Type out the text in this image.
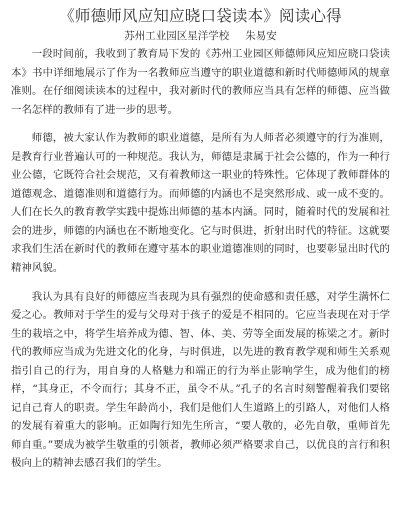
《师德师风应知应晓口袋读本》阅读心得
苏州工业园区星洋学校 朱易安

一段时间前，我收到了教育局下发的《苏州工业园区师德师风应知应晓口袋读本》书中详细地展示了作为一名教师应当遵守的职业道德和新时代师德师风的规章准则。在仔细阅读读本的过程中，我对新时代的教师应当具有怎样的师德、应当做一名怎样的教师有了进一步的思考。

师德，被大家认作为教师的职业道德，是所有为人师者必须遵守的行为准则，是教育行业普遍认可的一种规范。我认为，师德是隶属于社会公德的，作为一种行业公德，它既符合社会规范，又有着教师这一职业的特殊性。它体现了教师群体的道德观念、道德准则和道德行为。而师德的内涵也不是突然形成、或一成不变的。人们在长久的教育教学实践中提炼出师德的基本内涵。同时，随着时代的发展和社会的进步，师德的内涵也在不断地变化。它与时俱进，折射出时代的特征。这就要求我们生活在新时代的教师在遵守基本的职业道德准则的同时，也要彰显出时代的精神风貌。

我认为具有良好的师德应当表现为具有强烈的使命感和责任感，对学生满怀仁爱之心。教师对于学生的爱与父母对于孩子的爱是不相同的。它应当表现在对于学生的栽培之中，将学生培养成为德、智、体、美、劳等全面发展的栋梁之才。新时代的教师应当成为先进文化的化身，与时俱进，以先进的教育教学观和师生关系观指引自己的行为，用自身的人格魅力和端正的行为举止影响学生，成为他们的榜样，“其身正，不令而行；其身不正，虽令不从。”孔子的名言时刻警醒着我们要铭记自己育人的职责。学生年龄尚小，我们是他们人生道路上的引路人，对他们人格的发展有着重大的影响。正如陶行知先生所言，“要人敬的，必先自敬，重师首先师自重。”要成为被学生敬重的引领者，教师必须严格要求自己，以优良的言行和积极向上的精神去感召我们的学生。
